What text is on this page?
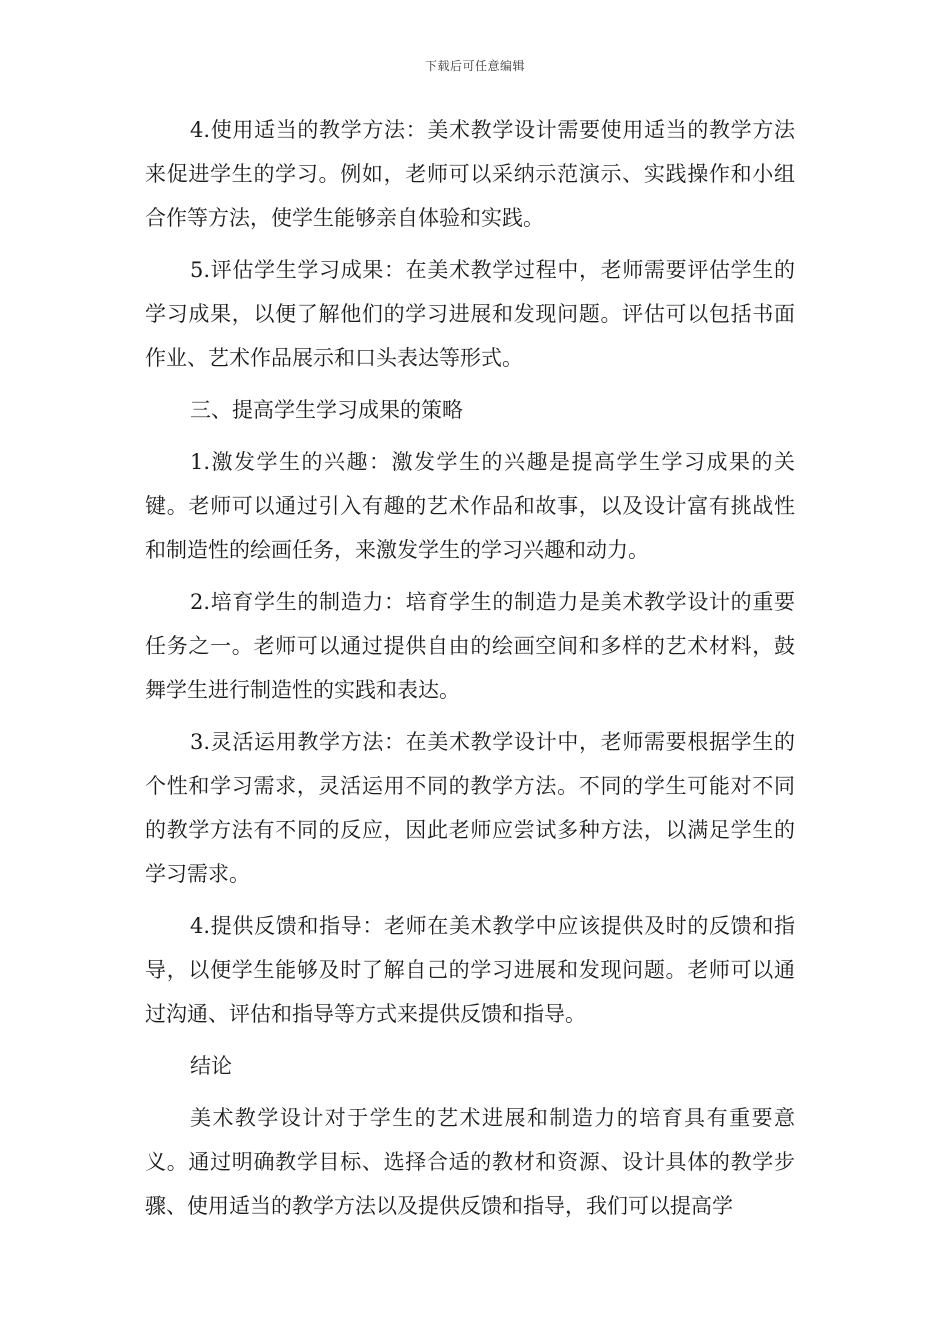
下载后可任意编辑

4.使用适当的教学方法：美术教学设计需要使用适当的教学方法来促进学生的学习。例如，老师可以采纳示范演示、实践操作和小组合作等方法，使学生能够亲自体验和实践。

5.评估学生学习成果：在美术教学过程中，老师需要评估学生的学习成果，以便了解他们的学习进展和发现问题。评估可以包括书面作业、艺术作品展示和口头表达等形式。

三、提高学生学习成果的策略

1.激发学生的兴趣：激发学生的兴趣是提高学生学习成果的关键。老师可以通过引入有趣的艺术作品和故事，以及设计富有挑战性和制造性的绘画任务，来激发学生的学习兴趣和动力。

2.培育学生的制造力：培育学生的制造力是美术教学设计的重要任务之一。老师可以通过提供自由的绘画空间和多样的艺术材料，鼓舞学生进行制造性的实践和表达。

3.灵活运用教学方法：在美术教学设计中，老师需要根据学生的个性和学习需求，灵活运用不同的教学方法。不同的学生可能对不同的教学方法有不同的反应，因此老师应尝试多种方法，以满足学生的学习需求。

4.提供反馈和指导：老师在美术教学中应该提供及时的反馈和指导，以便学生能够及时了解自己的学习进展和发现问题。老师可以通过沟通、评估和指导等方式来提供反馈和指导。

结论

美术教学设计对于学生的艺术进展和制造力的培育具有重要意义。通过明确教学目标、选择合适的教材和资源、设计具体的教学步骤、使用适当的教学方法以及提供反馈和指导，我们可以提高学
